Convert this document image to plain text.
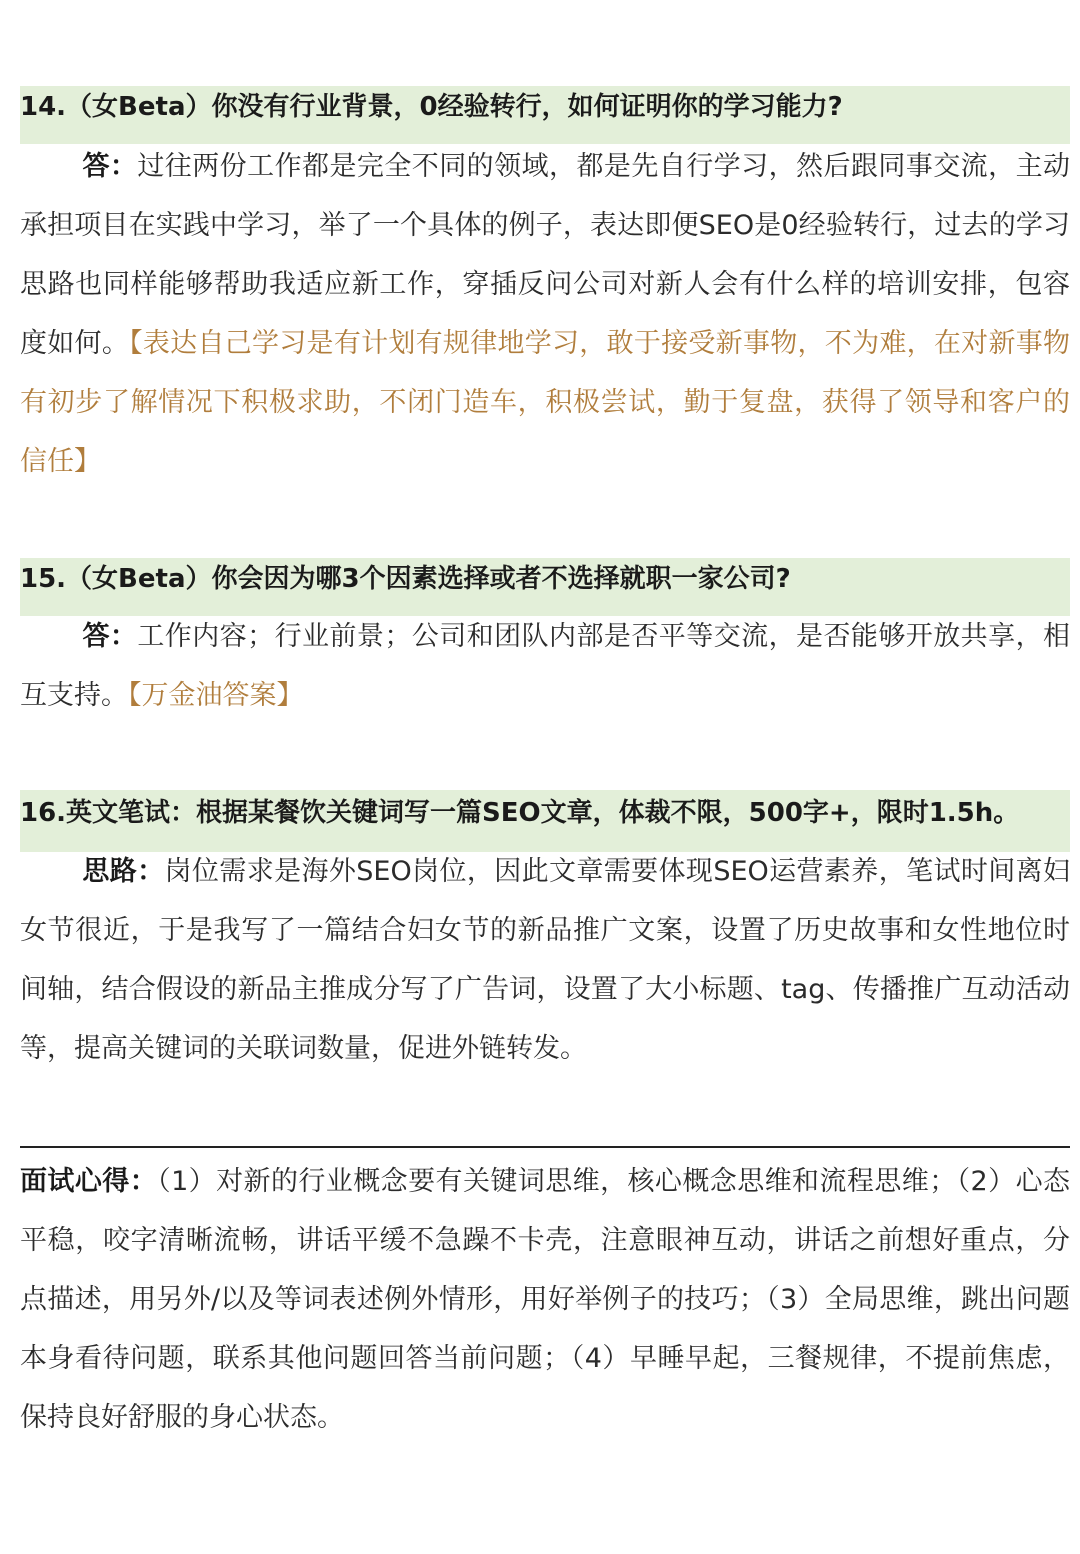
14.（女Beta）你没有行业背景，0经验转行，如何证明你的学习能力?
答：过往两份工作都是完全不同的领域，都是先自行学习，然后跟同事交流，主动承担项目在实践中学习，举了一个具体的例子，表达即便SEO是0经验转行，过去的学习思路也同样能够帮助我适应新工作，穿插反问公司对新人会有什么样的培训安排，包容度如何。【表达自己学习是有计划有规律地学习，敢于接受新事物，不为难，在对新事物有初步了解情况下积极求助，不闭门造车，积极尝试，勤于复盘，获得了领导和客户的信任】
15.（女Beta）你会因为哪3个因素选择或者不选择就职一家公司?
答：工作内容；行业前景；公司和团队内部是否平等交流，是否能够开放共享，相互支持。【万金油答案】
16.英文笔试：根据某餐饮关键词写一篇SEO文章，体裁不限，500字+，限时1.5h。
思路：岗位需求是海外SEO岗位，因此文章需要体现SEO运营素养，笔试时间离妇女节很近，于是我写了一篇结合妇女节的新品推广文案，设置了历史故事和女性地位时间轴，结合假设的新品主推成分写了广告词，设置了大小标题、tag、传播推广互动活动等，提高关键词的关联词数量，促进外链转发。
面试心得：（1）对新的行业概念要有关键词思维，核心概念思维和流程思维；（2）心态平稳，咬字清晰流畅，讲话平缓不急躁不卡壳，注意眼神互动，讲话之前想好重点，分点描述，用另外/以及等词表述例外情形，用好举例子的技巧；（3）全局思维，跳出问题本身看待问题，联系其他问题回答当前问题；（4）早睡早起，三餐规律，不提前焦虑，保持良好舒服的身心状态。
